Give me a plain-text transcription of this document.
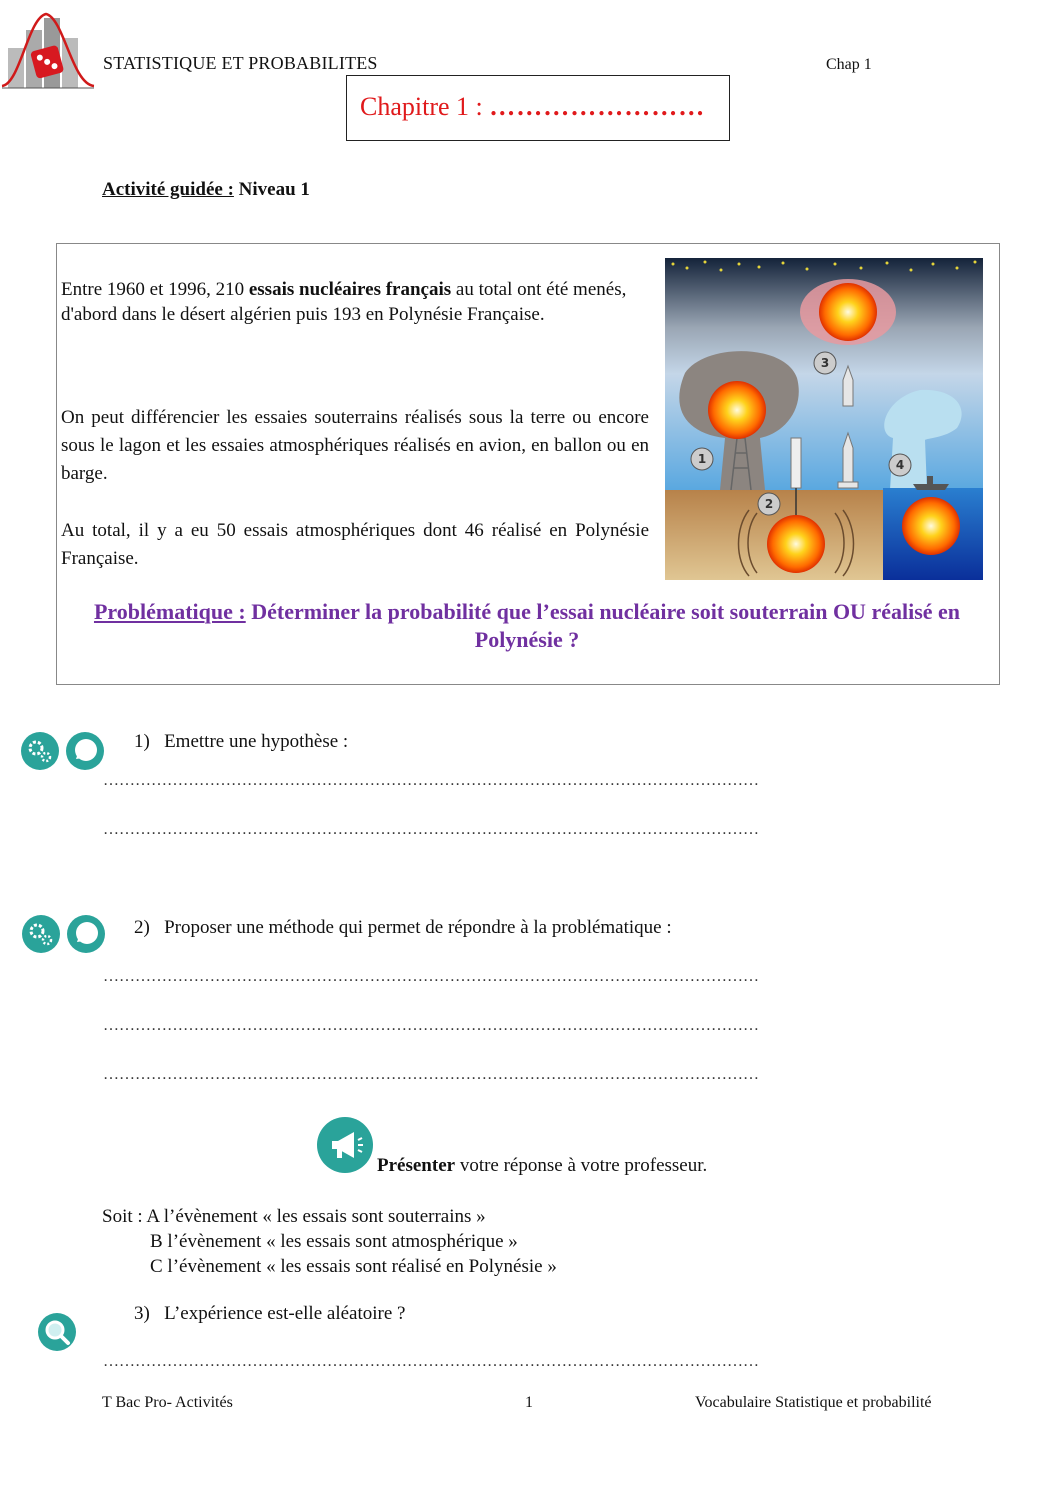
STATISTIQUE ET PROBABILITES	Chap 1
Chapitre 1 : ……………………
Activité guidée : Niveau 1
Entre 1960 et 1996, 210 essais nucléaires français au total ont été menés, d'abord dans le désert algérien puis 193 en Polynésie Française.
On peut différencier les essaies souterrains réalisés sous la terre ou encore sous le lagon et les essaies atmosphériques réalisés en avion, en ballon ou en barge.
Au total, il y a eu 50 essais atmosphériques dont 46 réalisé en Polynésie Française.
1
2
3
4
Problématique : Déterminer la probabilité que l’essai nucléaire soit souterrain OU réalisé en Polynésie ?
1) Emettre une hypothèse :
……………………………………………………………………………………………………………
……………………………………………………………………………………………………………
2) Proposer une méthode qui permet de répondre à la problématique :
……………………………………………………………………………………………………………
……………………………………………………………………………………………………………
……………………………………………………………………………………………………………
Présenter votre réponse à votre professeur.
Soit : A l’évènement « les essais sont souterrains »
B l’évènement « les essais sont atmosphérique »
C l’évènement « les essais sont réalisé en Polynésie »
3) L’expérience est-elle aléatoire ?
……………………………………………………………………………………………………………
T Bac Pro- Activités	1	Vocabulaire Statistique et probabilité
